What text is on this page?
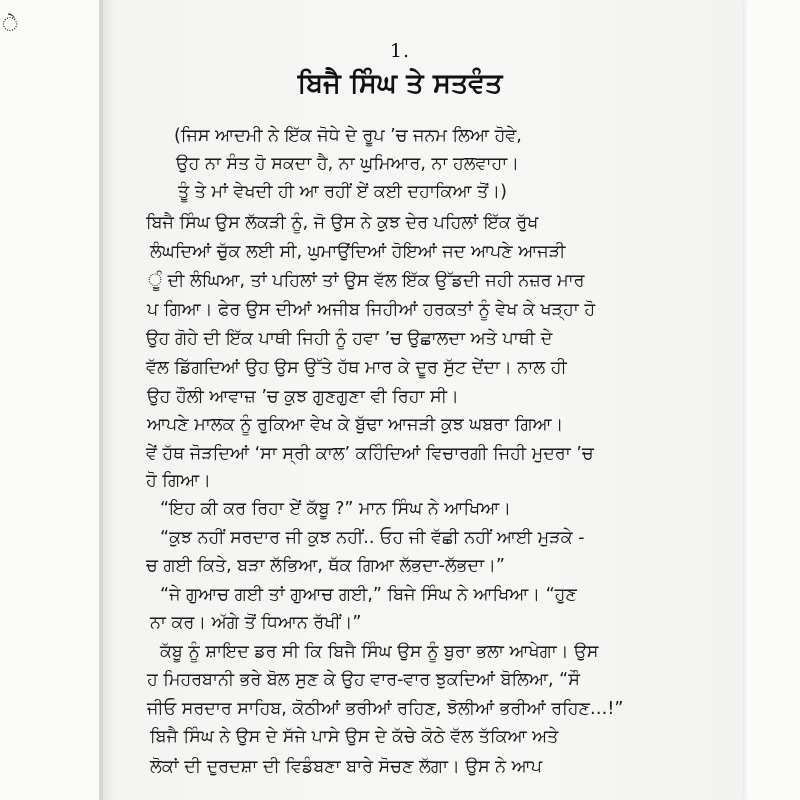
ੇ
1.
ਬਿਜੈ ਸਿੰਘ ਤੇ ਸਤਵੰਤ
(ਜਿਸ ਆਦਮੀ ਨੇ ਇੱਕ ਜੋਧੇ ਦੇ ਰੂਪ ’ਚ ਜਨਮ ਲਿਆ ਹੋਵੇ,
ਉਹ ਨਾ ਸੰਤ ਹੋ ਸਕਦਾ ਹੈ, ਨਾ ਘੁਮਿਆਰ, ਨਾ ਹਲਵਾਹਾ।
ਤੂੰ ਤੇ ਮਾਂ ਵੇਖਦੀ ਹੀ ਆ ਰਹੀਂ ਏਂ ਕਈ ਦਹਾਕਿਆ ਤੋਂ।)
ਬਿਜੈ ਸਿੰਘ ਉਸ ਲੱਕੜੀ ਨੂੰ, ਜੋ ਉਸ ਨੇ ਕੁਝ ਦੇਰ ਪਹਿਲਾਂ ਇੱਕ ਰੁੱਖ
ਲੰਘਦਿਆਂ ਚੁੱਕ ਲਈ ਸੀ, ਘੁਮਾਉਂਦਿਆਂ ਹੋਇਆਂ ਜਦ ਆਪਣੇ ਆਜੜੀ
ੂੰ ਦੀ ਲੰਘਿਆ, ਤਾਂ ਪਹਿਲਾਂ ਤਾਂ ਉਸ ਵੱਲ ਇੱਕ ਉੱਡਦੀ ਜਹੀ ਨਜ਼ਰ ਮਾਰ
ਪ ਗਿਆ। ਫੇਰ ਉਸ ਦੀਆਂ ਅਜੀਬ ਜਿਹੀਆਂ ਹਰਕਤਾਂ ਨੂੰ ਵੇਖ ਕੇ ਖੜ੍ਹਾ ਹੋ
ਉਹ ਗੋਹੇ ਦੀ ਇੱਕ ਪਾਥੀ ਜਿਹੀ ਨੂੰ ਹਵਾ ’ਚ ਉਛਾਲਦਾ ਅਤੇ ਪਾਥੀ ਦੇ
ਵੱਲ ਡਿੱਗਦਿਆਂ ਉਹ ਉਸ ਉੱਤੇ ਹੱਥ ਮਾਰ ਕੇ ਦੂਰ ਸੁੱਟ ਦੇਂਦਾ। ਨਾਲ ਹੀ
ਉਹ ਹੌਲੀ ਆਵਾਜ਼ ’ਚ ਕੁਝ ਗੁਣਗੁਣਾ ਵੀ ਰਿਹਾ ਸੀ।
ਆਪਣੇ ਮਾਲਕ ਨੂੰ ਰੁਕਿਆ ਵੇਖ ਕੇ ਬੁੱਢਾ ਆਜੜੀ ਕੁਝ ਘਬਰਾ ਗਿਆ।
ਵੇਂ ਹੱਥ ਜੋੜਦਿਆਂ ‘ਸਾ ਸ੍ਰੀ ਕਾਲ’ ਕਹਿੰਦਿਆਂ ਵਿਚਾਰਗੀ ਜਿਹੀ ਮੁਦਰਾ ’ਚ
ਹੋ ਗਿਆ।
“ਇਹ ਕੀ ਕਰ ਰਿਹਾ ਏਂ ਕੱਬੂ ?” ਮਾਨ ਸਿੰਘ ਨੇ ਆਖਿਆ।
“ਕੁਝ ਨਹੀਂ ਸਰਦਾਰ ਜੀ ਕੁਝ ਨਹੀਂ.. ਓਹ ਜੀ ਵੱਛੀ ਨਹੀਂ ਆਈ ਮੁੜਕੇ -
ਚ ਗਈ ਕਿਤੇ, ਬੜਾ ਲੱਭਿਆ, ਥੱਕ ਗਿਆ ਲੱਭਦਾ-ਲੱਭਦਾ।”
“ਜੇ ਗੁਆਚ ਗਈ ਤਾਂ ਗੁਆਚ ਗਈ,” ਬਿਜੇ ਸਿੰਘ ਨੇ ਆਖਿਆ। “ਹੁਣ
ਨਾ ਕਰ। ਅੱਗੇ ਤੋਂ ਧਿਆਨ ਰੱਖੀਂ।”
ਕੱਬੂ ਨੂੰ ਸ਼ਾਇਦ ਡਰ ਸੀ ਕਿ ਬਿਜੈ ਸਿੰਘ ਉਸ ਨੂੰ ਬੁਰਾ ਭਲਾ ਆਖੇਗਾ। ਉਸ
ਹ ਮਿਹਰਬਾਨੀ ਭਰੇ ਬੋਲ ਸੁਣ ਕੇ ਉਹ ਵਾਰ-ਵਾਰ ਝੁਕਦਿਆਂ ਬੋਲਿਆ, “ਸੌ
ਜੀਓ ਸਰਦਾਰ ਸਾਹਿਬ, ਕੋਠੀਆਂ ਭਰੀਆਂ ਰਹਿਣ, ਝੋਲੀਆਂ ਭਰੀਆਂ ਰਹਿਣ…!”
ਬਿਜੈ ਸਿੰਘ ਨੇ ਉਸ ਦੇ ਸੱਜੇ ਪਾਸੇ ਉਸ ਦੇ ਕੱਚੇ ਕੋਠੇ ਵੱਲ ਤੱਕਿਆ ਅਤੇ
ਲੋਕਾਂ ਦੀ ਦੁਰਦਸ਼ਾ ਦੀ ਵਿਡੰਬਣਾ ਬਾਰੇ ਸੋਚਣ ਲੱਗਾ। ਉਸ ਨੇ ਆਪ
